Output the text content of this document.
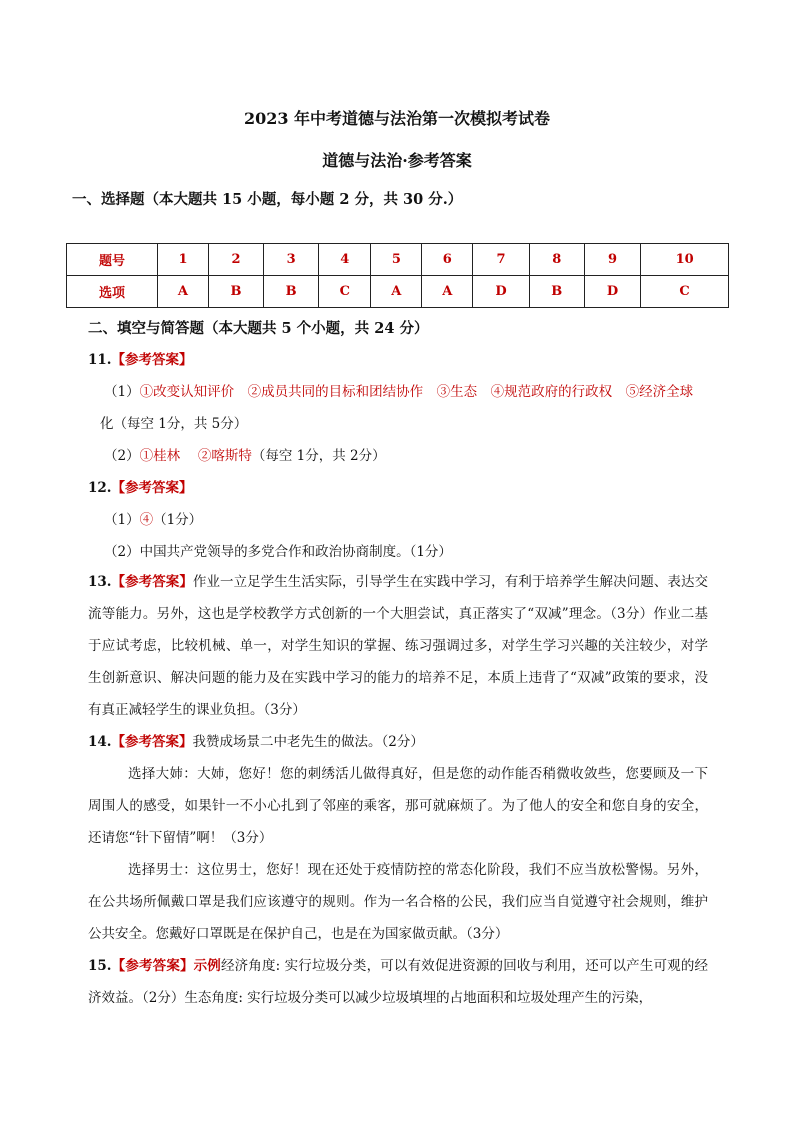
2023 年中考道德与法治第一次模拟考试卷
道德与法治·参考答案
一、选择题（本大题共 15 小题，每小题 2 分，共 30 分.）
题号	1	2	3	4	5	6	7	8	9	10
选项	A	B	B	C	A	A	D	B	D	C
二、填空与简答题（本大题共 5 个小题，共 24 分）
11.【参考答案】
（1）①改变认知评价　②成员共同的目标和团结协作　③生态　④规范政府的行政权　⑤经济全球
化（每空 1分，共 5分）
（2）①桂林　 ②喀斯特（每空 1分，共 2分）
12.【参考答案】
（1）④（1分）
（2）中国共产党领导的多党合作和政治协商制度。（1分）
13.【参考答案】作业一立足学生生活实际，引导学生在实践中学习，有利于培养学生解决问题、表达交流等能力。另外，这也是学校教学方式创新的一个大胆尝试，真正落实了“双减”理念。（3分）作业二基于应试考虑，比较机械、单一，对学生知识的掌握、练习强调过多，对学生学习兴趣的关注较少，对学生创新意识、解决问题的能力及在实践中学习的能力的培养不足，本质上违背了“双减”政策的要求，没有真正减轻学生的课业负担。（3分）
14.【参考答案】我赞成场景二中老先生的做法。（2分）
选择大姉：大姉，您好！您的刺绣活儿做得真好，但是您的动作能否稍微收敛些，您要顾及一下周围人的感受，如果针一不小心扎到了邻座的乘客，那可就麻烦了。为了他人的安全和您自身的安全，还请您“针下留情”啊！（3分）
选择男士：这位男士，您好！现在还处于疫情防控的常态化阶段，我们不应当放松警惕。另外，在公共场所佩戴口罩是我们应该遵守的规则。作为一名合格的公民，我们应当自觉遵守社会规则，维护公共安全。您戴好口罩既是在保护自己，也是在为国家做贡献。（3分）
15.【参考答案】示例经济角度: 实行垃圾分类，可以有效促进资源的回收与利用，还可以产生可观的经济效益。（2分）生态角度: 实行垃圾分类可以减少垃圾填埋的占地面积和垃圾处理产生的污染，
